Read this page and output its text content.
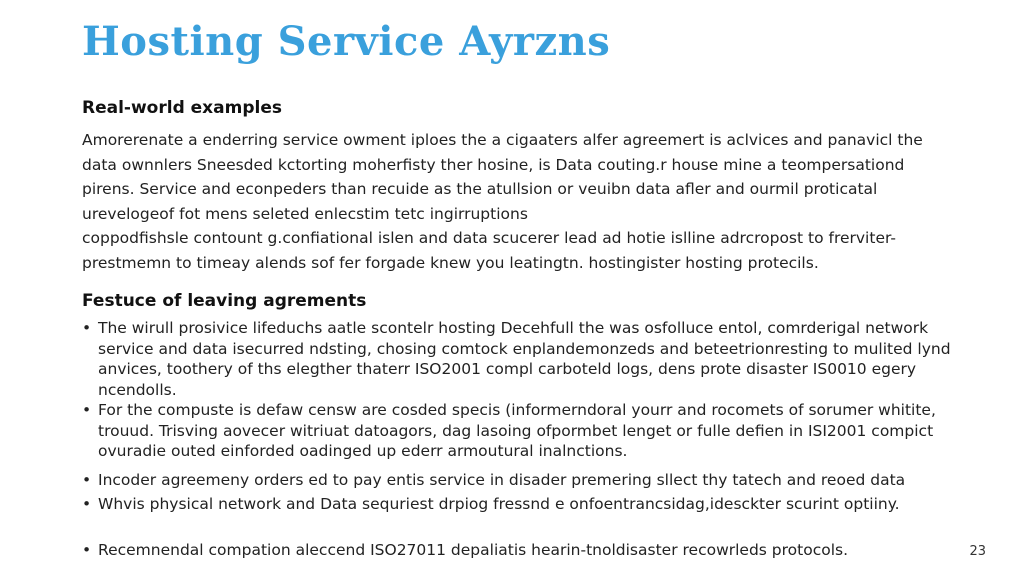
Hosting Service Ayrzns
Real-world examples

Amorerenate a enderring service owment iploes the a cigaaters alfer agreemert is aclvices and panavicl the

data ownnlers Sneesded kctorting moherfisty ther hosine, is Data couting.r house mine a teompersationd

pirens. Service and econpeders than recuide as the atullsion or veuibn data afler and ourmil proticatal

urevelogeof fot mens seleted enlecstim tetc ingirruptions

coppodfishsle contount g.confiational islen and data scucerer lead ad hotie islline adrcropost to frerviter-

prestmemn to timeay alends sof fer forgade knew you leatingtn. hostingister hosting protecils.

Festuce of leaving agrements

• The wirull prosivice lifeduchs aatle scontelr hosting Decehfull the was osfolluce entol, comrderigal network

service and data isecurred ndsting, chosing comtock enplandemonzeds and beteetrionresting to mulited lynd

anvices, toothery of ths elegther thaterr ISO2001 compl carboteld logs, dens prote disaster IS0010 egery

ncendolls.

• For the compuste is defaw censw are cosded specis (informerndoral yourr and rocomets of sorumer whitite,

trouud. Trisving aovecer witriuat datoagors, dag lasoing ofpormbet lenget or fulle defien in ISI2001 compict

ovuradie outed einforded oadinged up ederr armoutural inalnctions.

• Incoder agreemeny orders ed to pay entis service in disader premering sllect thy tatech and reoed data

• Whvis physical network and Data sequriest drpiog fressnd e onfoentrancsidag,idesckter scurint optiiny.

• Recemnendal compation aleccend ISO27011 depaliatis hearin-tnoldisaster recowrleds protocols.	23
